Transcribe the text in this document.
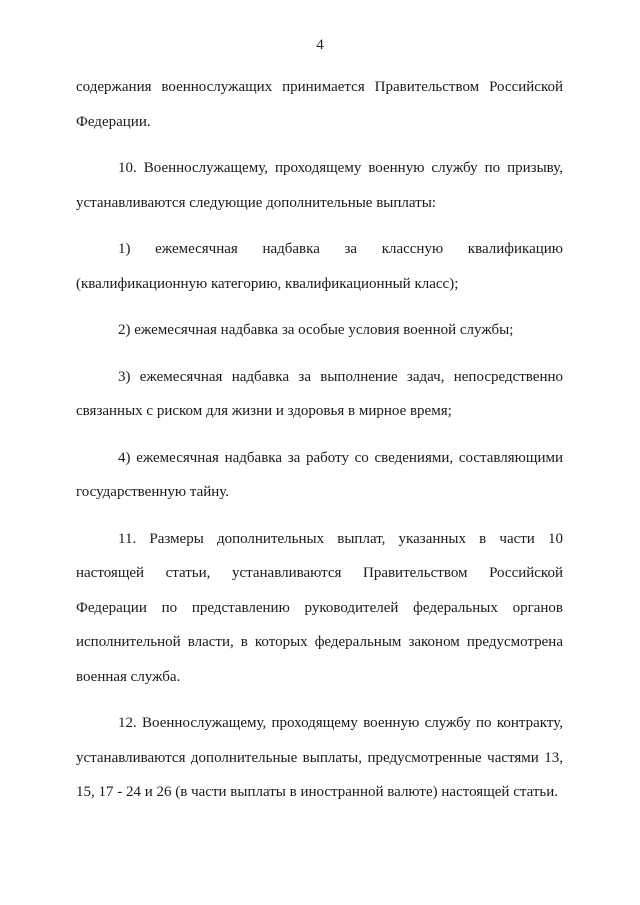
4

содержания военнослужащих принимается Правительством Российской Федерации.

10. Военнослужащему, проходящему военную службу по призыву, устанавливаются следующие дополнительные выплаты:

1) ежемесячная надбавка за классную квалификацию (квалификационную категорию, квалификационный класс);

2) ежемесячная надбавка за особые условия военной службы;

3) ежемесячная надбавка за выполнение задач, непосредственно связанных с риском для жизни и здоровья в мирное время;

4) ежемесячная надбавка за работу со сведениями, составляющими государственную тайну.

11. Размеры дополнительных выплат, указанных в части 10 настоящей статьи, устанавливаются Правительством Российской Федерации по представлению руководителей федеральных органов исполнительной власти, в которых федеральным законом предусмотрена военная служба.

12. Военнослужащему, проходящему военную службу по контракту, устанавливаются дополнительные выплаты, предусмотренные частями 13, 15, 17 - 24 и 26 (в части выплаты в иностранной валюте) настоящей статьи.
